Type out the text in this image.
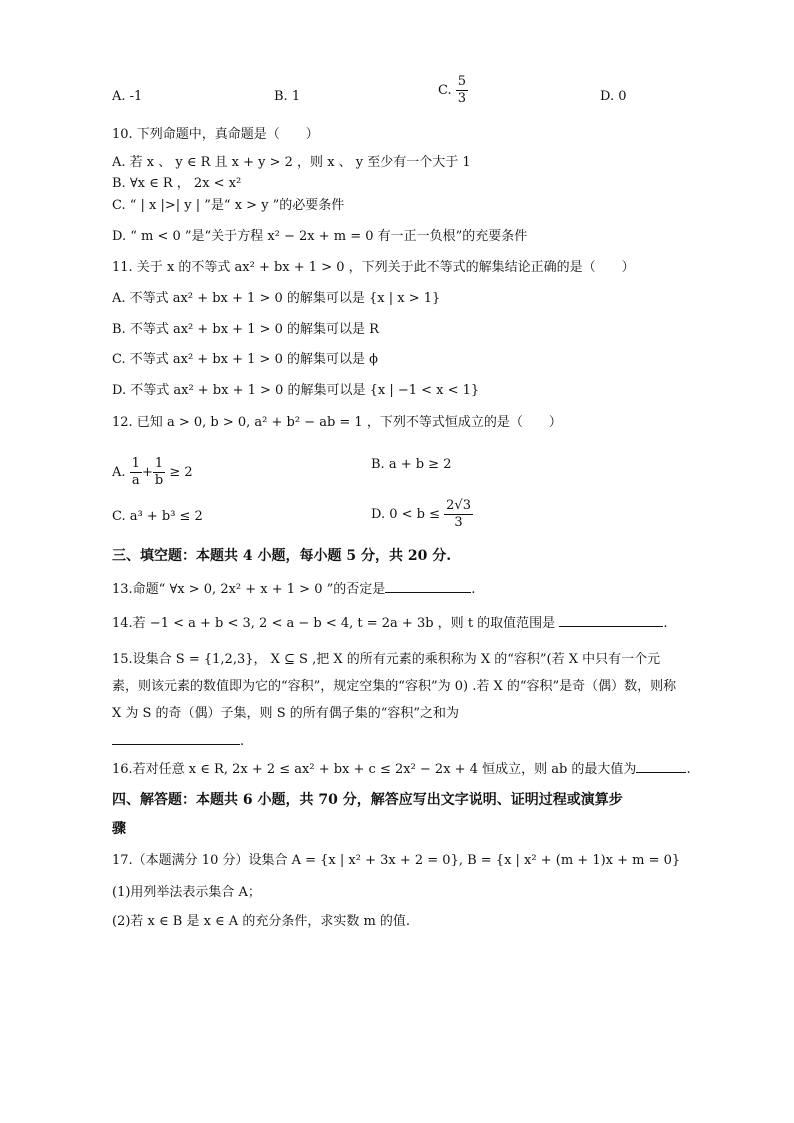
A. -1	B. 1	C. $\frac{5}{3}$	D. 0
10. 下列命题中，真命题是（　　）
A. 若 x 、 y ∈ R 且 x + y > 2 ，则 x 、 y 至少有一个大于 1
B. ∀x ∈ R ， 2x < x²
C. “ | x |>| y | ”是“ x > y ”的必要条件
D. “ m < 0 ”是“关于方程 x² − 2x + m = 0 有一正一负根”的充要条件
11. 关于 x 的不等式 ax² + bx + 1 > 0 ，下列关于此不等式的解集结论正确的是（　　）
A. 不等式 ax² + bx + 1 > 0 的解集可以是 {x | x > 1}
B. 不等式 ax² + bx + 1 > 0 的解集可以是 R
C. 不等式 ax² + bx + 1 > 0 的解集可以是 ϕ
D. 不等式 ax² + bx + 1 > 0 的解集可以是 {x | −1 < x < 1}
12. 已知 a > 0, b > 0, a² + b² − ab = 1 ，下列不等式恒成立的是（　　）
A. $\frac{1}{a} + \frac{1}{b} \ge 2$
B. a + b ≥ 2
C. a³ + b³ ≤ 2	D. $0 < b \le \frac{2√3}{3}$
三、填空题：本题共 4 小题，每小题 5 分，共 20 分.
13.命题“ ∀x > 0, 2x² + x + 1 > 0 ”的否定是	.
14.若 −1 < a + b < 3, 2 < a − b < 4, t = 2a + 3b ，则 t 的取值范围是	.
15.设集合 S = {1,2,3}， X ⊆ S ,把 X 的所有元素的乘积称为 X 的“容积”(若 X 中只有一个元素，则该元素的数值即为它的“容积”，规定空集的“容积”为 0) .若 X 的“容积”是奇（偶）数，则称 X 为 S 的奇（偶）子集，则 S 的所有偶子集的“容积”之和为
.
16.若对任意 x ∈ R, 2x + 2 ≤ ax² + bx + c ≤ 2x² − 2x + 4 恒成立，则 ab 的最大值为	.
四、解答题：本题共 6 小题，共 70 分，解答应写出文字说明、证明过程或演算步
骤
17.（本题满分 10 分）设集合 A = {x | x² + 3x + 2 = 0}, B = {x | x² + (m + 1)x + m = 0}
(1)用列举法表示集合 A；
(2)若 x ∈ B 是 x ∈ A 的充分条件，求实数 m 的值.
